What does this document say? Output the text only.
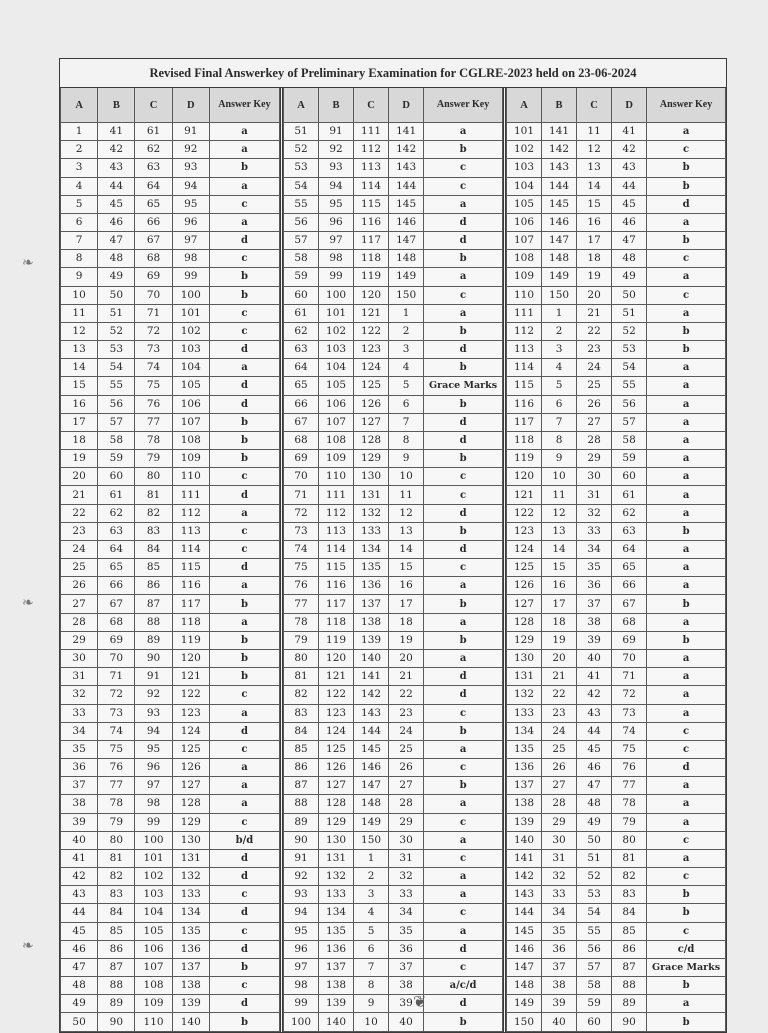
Revised Final Answerkey of Preliminary Examination for CGLRE-2023 held on 23-06-2024
A	B	C	D	Answer Key
1	41	61	91	a
2	42	62	92	a
3	43	63	93	b
4	44	64	94	a
5	45	65	95	c
6	46	66	96	a
7	47	67	97	d
8	48	68	98	c
9	49	69	99	b
10	50	70	100	b
11	51	71	101	c
12	52	72	102	c
13	53	73	103	d
14	54	74	104	a
15	55	75	105	d
16	56	76	106	d
17	57	77	107	b
18	58	78	108	b
19	59	79	109	b
20	60	80	110	c
21	61	81	111	d
22	62	82	112	a
23	63	83	113	c
24	64	84	114	c
25	65	85	115	d
26	66	86	116	a
27	67	87	117	b
28	68	88	118	a
29	69	89	119	b
30	70	90	120	b
31	71	91	121	b
32	72	92	122	c
33	73	93	123	a
34	74	94	124	d
35	75	95	125	c
36	76	96	126	a
37	77	97	127	a
38	78	98	128	a
39	79	99	129	c
40	80	100	130	b/d
41	81	101	131	d
42	82	102	132	d
43	83	103	133	c
44	84	104	134	d
45	85	105	135	c
46	86	106	136	d
47	87	107	137	b
48	88	108	138	c
49	89	109	139	d
50	90	110	140	b
A	B	C	D	Answer Key
51	91	111	141	a
52	92	112	142	b
53	93	113	143	c
54	94	114	144	c
55	95	115	145	a
56	96	116	146	d
57	97	117	147	d
58	98	118	148	b
59	99	119	149	a
60	100	120	150	c
61	101	121	1	a
62	102	122	2	b
63	103	123	3	d
64	104	124	4	b
65	105	125	5	Grace Marks
66	106	126	6	b
67	107	127	7	d
68	108	128	8	d
69	109	129	9	b
70	110	130	10	c
71	111	131	11	c
72	112	132	12	d
73	113	133	13	b
74	114	134	14	d
75	115	135	15	c
76	116	136	16	a
77	117	137	17	b
78	118	138	18	a
79	119	139	19	b
80	120	140	20	a
81	121	141	21	d
82	122	142	22	d
83	123	143	23	c
84	124	144	24	b
85	125	145	25	a
86	126	146	26	c
87	127	147	27	b
88	128	148	28	a
89	129	149	29	c
90	130	150	30	a
91	131	1	31	c
92	132	2	32	a
93	133	3	33	a
94	134	4	34	c
95	135	5	35	a
96	136	6	36	d
97	137	7	37	c
98	138	8	38	a/c/d
99	139	9	39	d
100	140	10	40	b
A	B	C	D	Answer Key
101	141	11	41	a
102	142	12	42	c
103	143	13	43	b
104	144	14	44	b
105	145	15	45	d
106	146	16	46	a
107	147	17	47	b
108	148	18	48	c
109	149	19	49	a
110	150	20	50	c
111	1	21	51	a
112	2	22	52	b
113	3	23	53	b
114	4	24	54	a
115	5	25	55	a
116	6	26	56	a
117	7	27	57	a
118	8	28	58	a
119	9	29	59	a
120	10	30	60	a
121	11	31	61	a
122	12	32	62	a
123	13	33	63	b
124	14	34	64	a
125	15	35	65	a
126	16	36	66	a
127	17	37	67	b
128	18	38	68	a
129	19	39	69	b
130	20	40	70	a
131	21	41	71	a
132	22	42	72	a
133	23	43	73	a
134	24	44	74	c
135	25	45	75	c
136	26	46	76	d
137	27	47	77	a
138	28	48	78	a
139	29	49	79	a
140	30	50	80	c
141	31	51	81	a
142	32	52	82	c
143	33	53	83	b
144	34	54	84	b
145	35	55	85	c
146	36	56	86	c/d
147	37	57	87	Grace Marks
148	38	58	88	b
149	39	59	89	a
150	40	60	90	b
❦
❧
❧
❧
